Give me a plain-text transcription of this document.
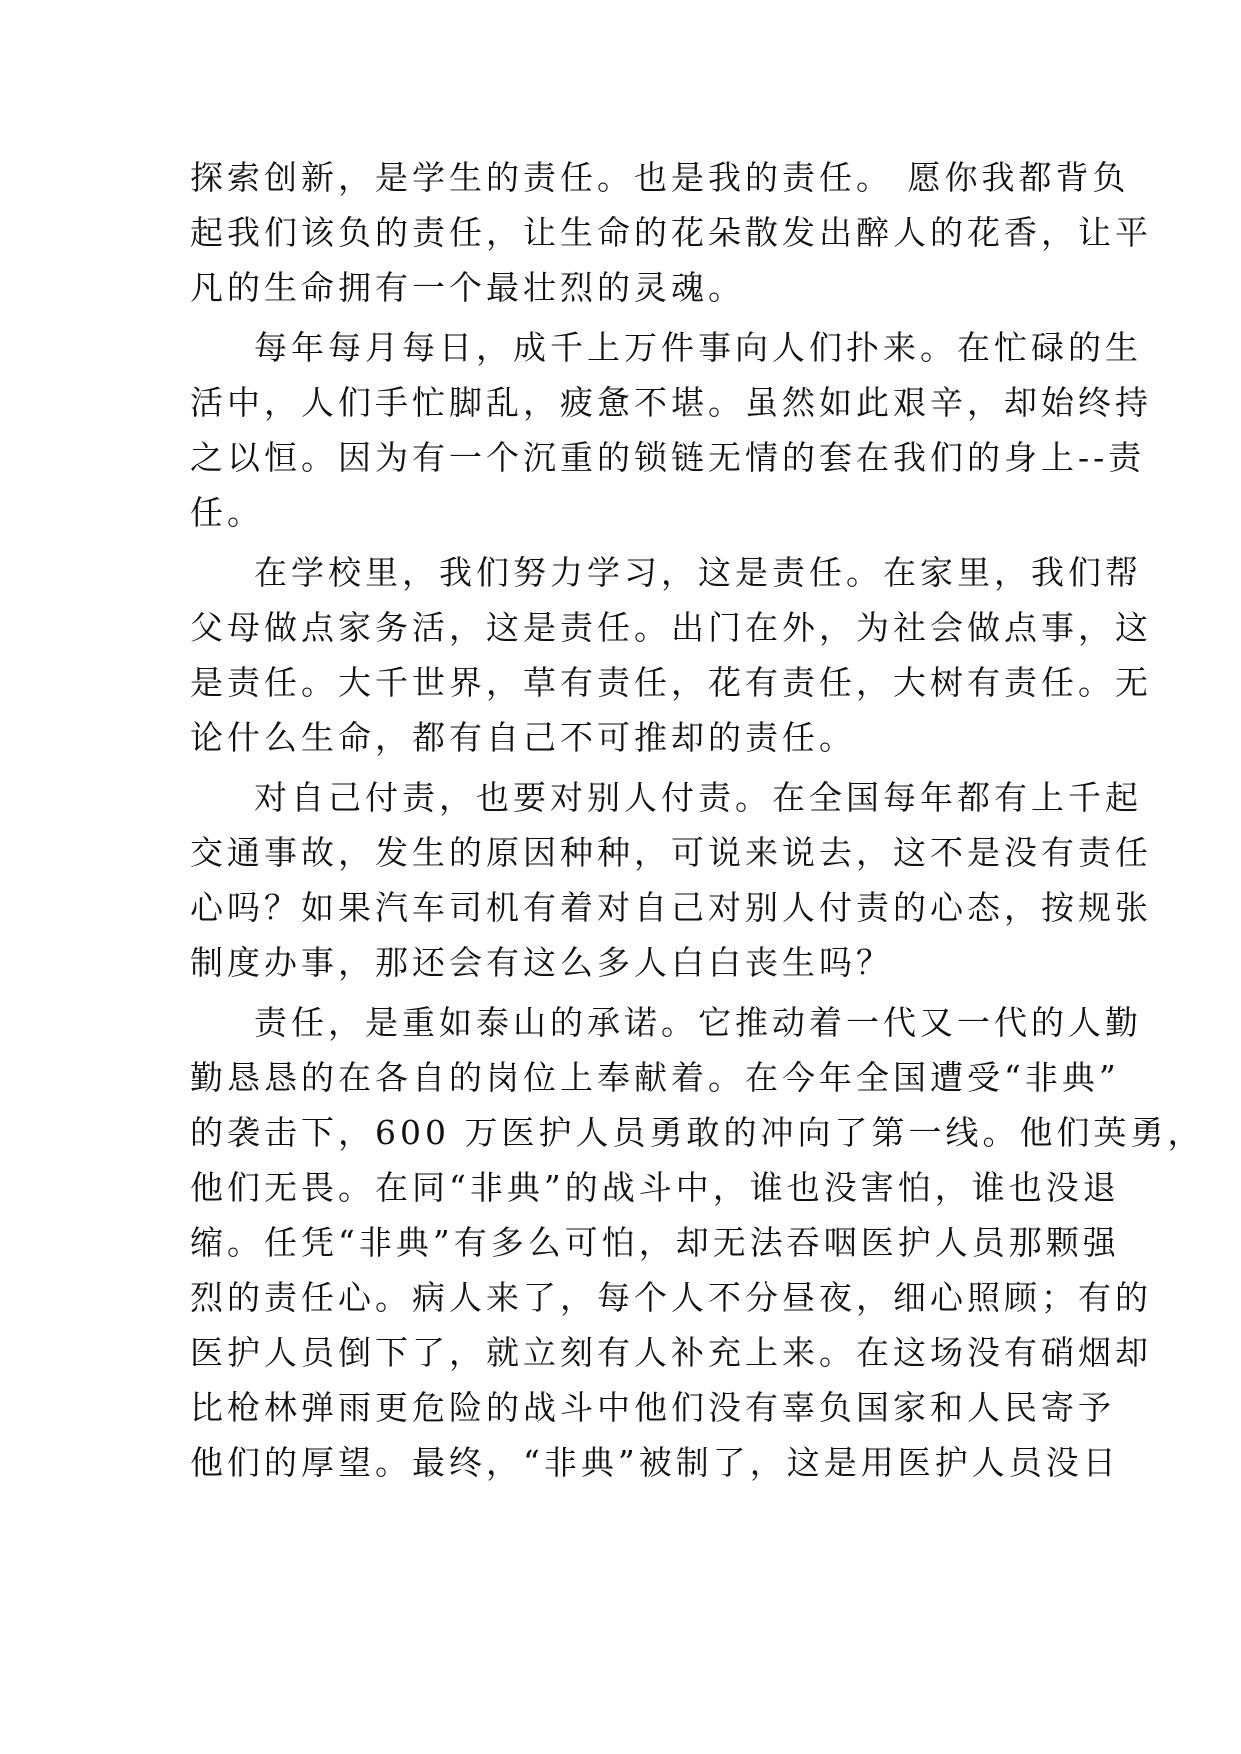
探索创新，是学生的责任。也是我的责任。 愿你我都背负
起我们该负的责任，让生命的花朵散发出醉人的花香，让平
凡的生命拥有一个最壮烈的灵魂。
每年每月每日，成千上万件事向人们扑来。在忙碌的生
活中，人们手忙脚乱，疲惫不堪。虽然如此艰辛，却始终持
之以恒。因为有一个沉重的锁链无情的套在我们的身上--责
任。
在学校里，我们努力学习，这是责任。在家里，我们帮
父母做点家务活，这是责任。出门在外，为社会做点事，这
是责任。大千世界，草有责任，花有责任，大树有责任。无
论什么生命，都有自己不可推却的责任。
对自己付责，也要对别人付责。在全国每年都有上千起
交通事故，发生的原因种种，可说来说去，这不是没有责任
心吗？如果汽车司机有着对自己对别人付责的心态，按规张
制度办事，那还会有这么多人白白丧生吗？
责任，是重如泰山的承诺。它推动着一代又一代的人勤
勤恳恳的在各自的岗位上奉献着。在今年全国遭受“非典”
的袭击下，600 万医护人员勇敢的冲向了第一线。他们英勇，
他们无畏。在同“非典”的战斗中，谁也没害怕，谁也没退
缩。任凭“非典”有多么可怕，却无法吞咽医护人员那颗强
烈的责任心。病人来了，每个人不分昼夜，细心照顾；有的
医护人员倒下了，就立刻有人补充上来。在这场没有硝烟却
比枪林弹雨更危险的战斗中他们没有辜负国家和人民寄予
他们的厚望。最终，“非典”被制了，这是用医护人员没日
